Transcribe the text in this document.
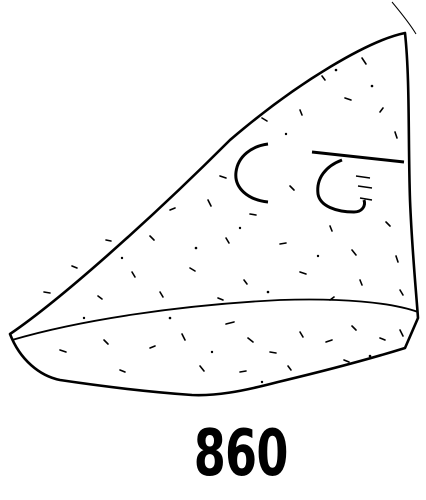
860
